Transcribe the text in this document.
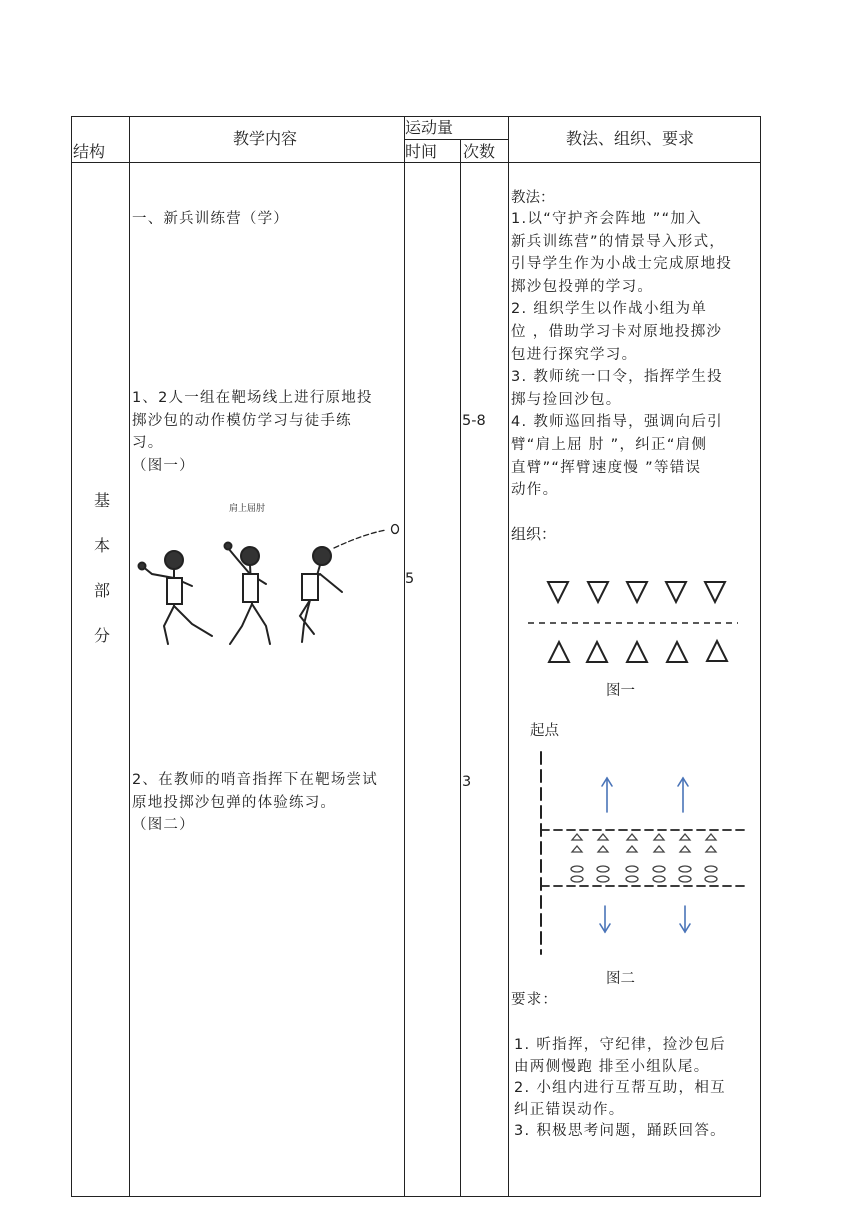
结构
教学内容
运动量
时间 次数
教法、组织、要求
基
本
部
分
一、新兵训练营（学）
1、2人一组在靶场线上进行原地投
掷沙包的动作模仿学习与徒手练
习。
（图一）
肩上屈肘
2、在教师的哨音指挥下在靶场尝试
原地投掷沙包弹的体验练习。
（图二）
5
5-8
3
教法：
1.以“守护齐会阵地 ”“加入
新兵训练营”的情景导入形式，
引导学生作为小战士完成原地投
掷沙包投弹的学习。
2. 组织学生以作战小组为单
位 ，借助学习卡对原地投掷沙
包进行探究学习。
3. 教师统一口令，指挥学生投
掷与捡回沙包。
4. 教师巡回指导，强调向后引
臂“肩上屈 肘 ”，纠正“肩侧
直臂”“挥臂速度慢 ”等错误
动作。
组织：
图一
起点
图二
要求：
1. 听指挥，守纪律，捡沙包后
由两侧慢跑 排至小组队尾。
2. 小组内进行互帮互助，相互
纠正错误动作。
3. 积极思考问题，踊跃回答。
